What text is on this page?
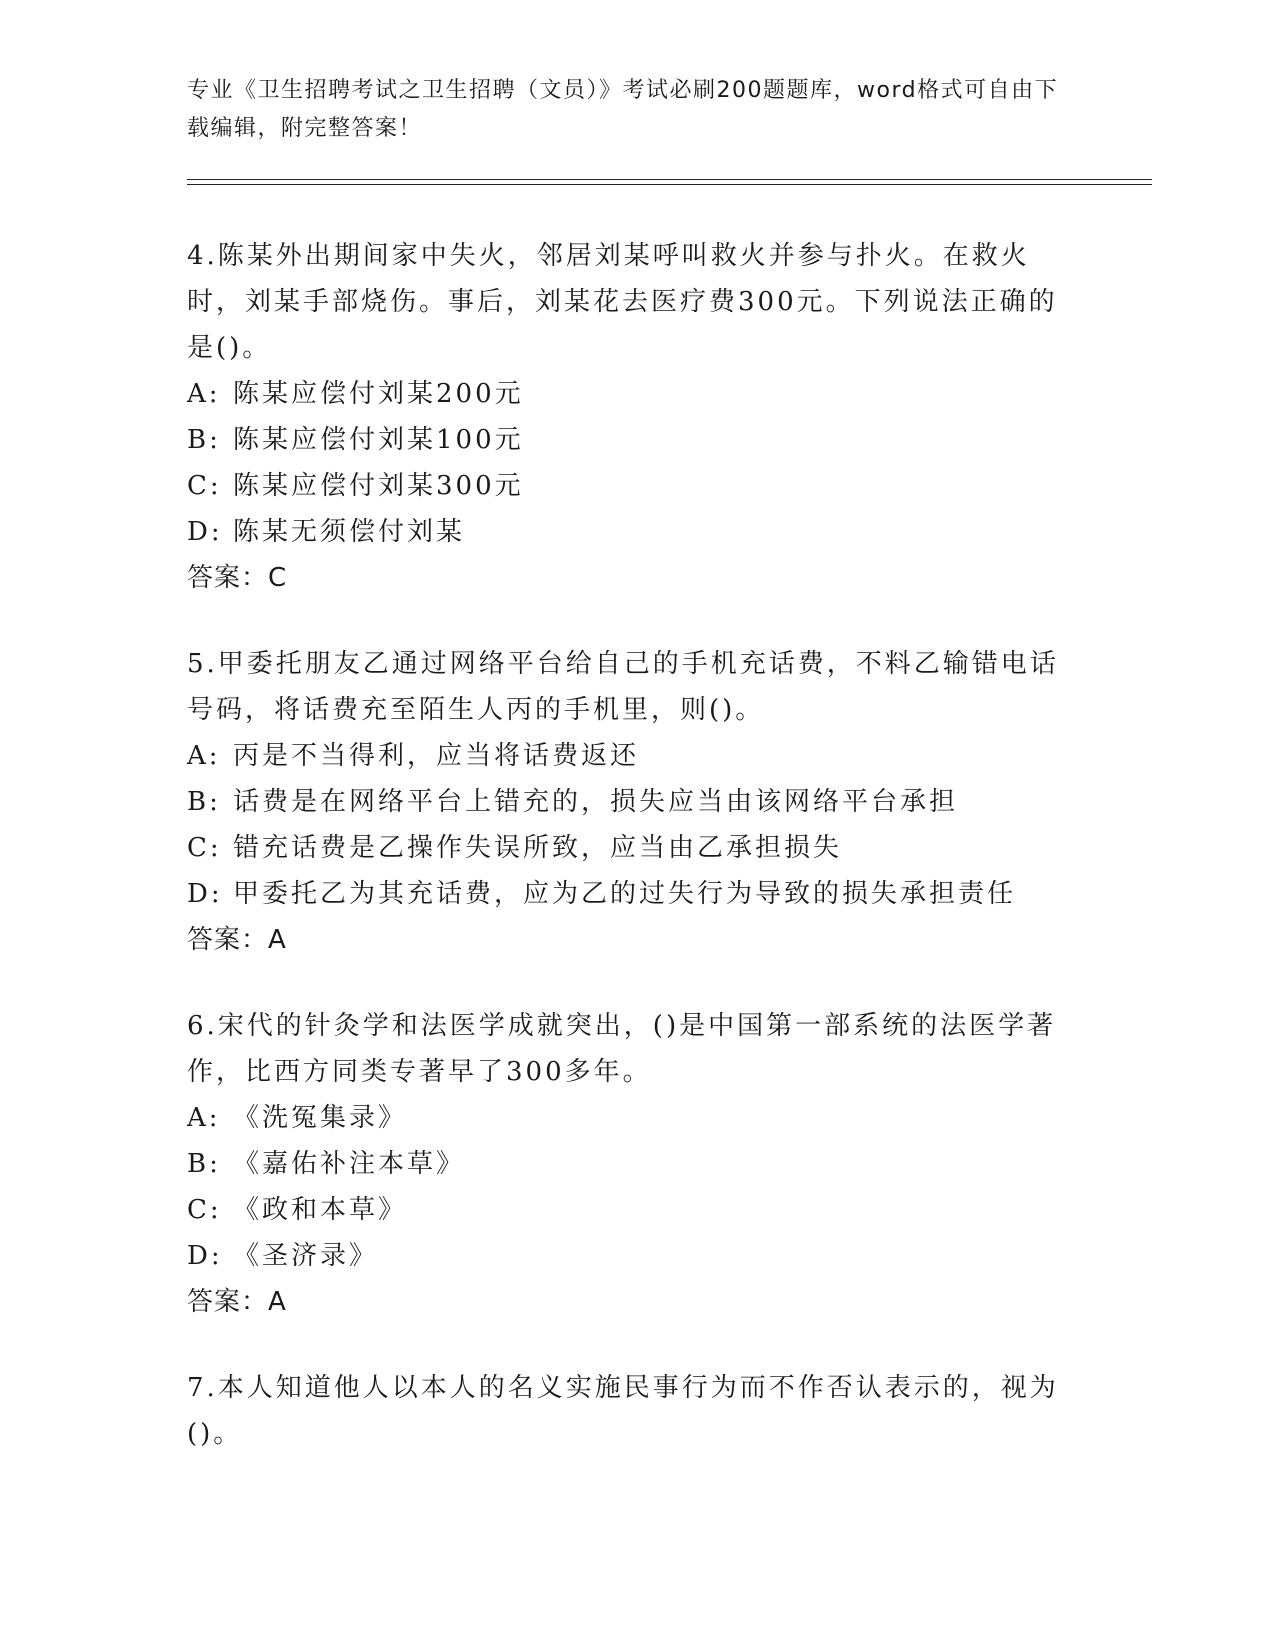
专业《卫生招聘考试之卫生招聘（文员）》考试必刷200题题库，word格式可自由下载编辑，附完整答案！

4.陈某外出期间家中失火，邻居刘某呼叫救火并参与扑火。在救火时，刘某手部烧伤。事后，刘某花去医疗费300元。下列说法正确的是()。

A: 陈某应偿付刘某200元

B: 陈某应偿付刘某100元

C: 陈某应偿付刘某300元

D: 陈某无须偿付刘某

答案：C

5.甲委托朋友乙通过网络平台给自己的手机充话费，不料乙输错电话号码，将话费充至陌生人丙的手机里，则()。

A: 丙是不当得利，应当将话费返还

B: 话费是在网络平台上错充的，损失应当由该网络平台承担

C: 错充话费是乙操作失误所致，应当由乙承担损失

D: 甲委托乙为其充话费，应为乙的过失行为导致的损失承担责任

答案：A

6.宋代的针灸学和法医学成就突出，()是中国第一部系统的法医学著作，比西方同类专著早了300多年。

A: 《洗冤集录》

B: 《嘉佑补注本草》

C: 《政和本草》

D: 《圣济录》

答案：A

7.本人知道他人以本人的名义实施民事行为而不作否认表示的，视为()。
